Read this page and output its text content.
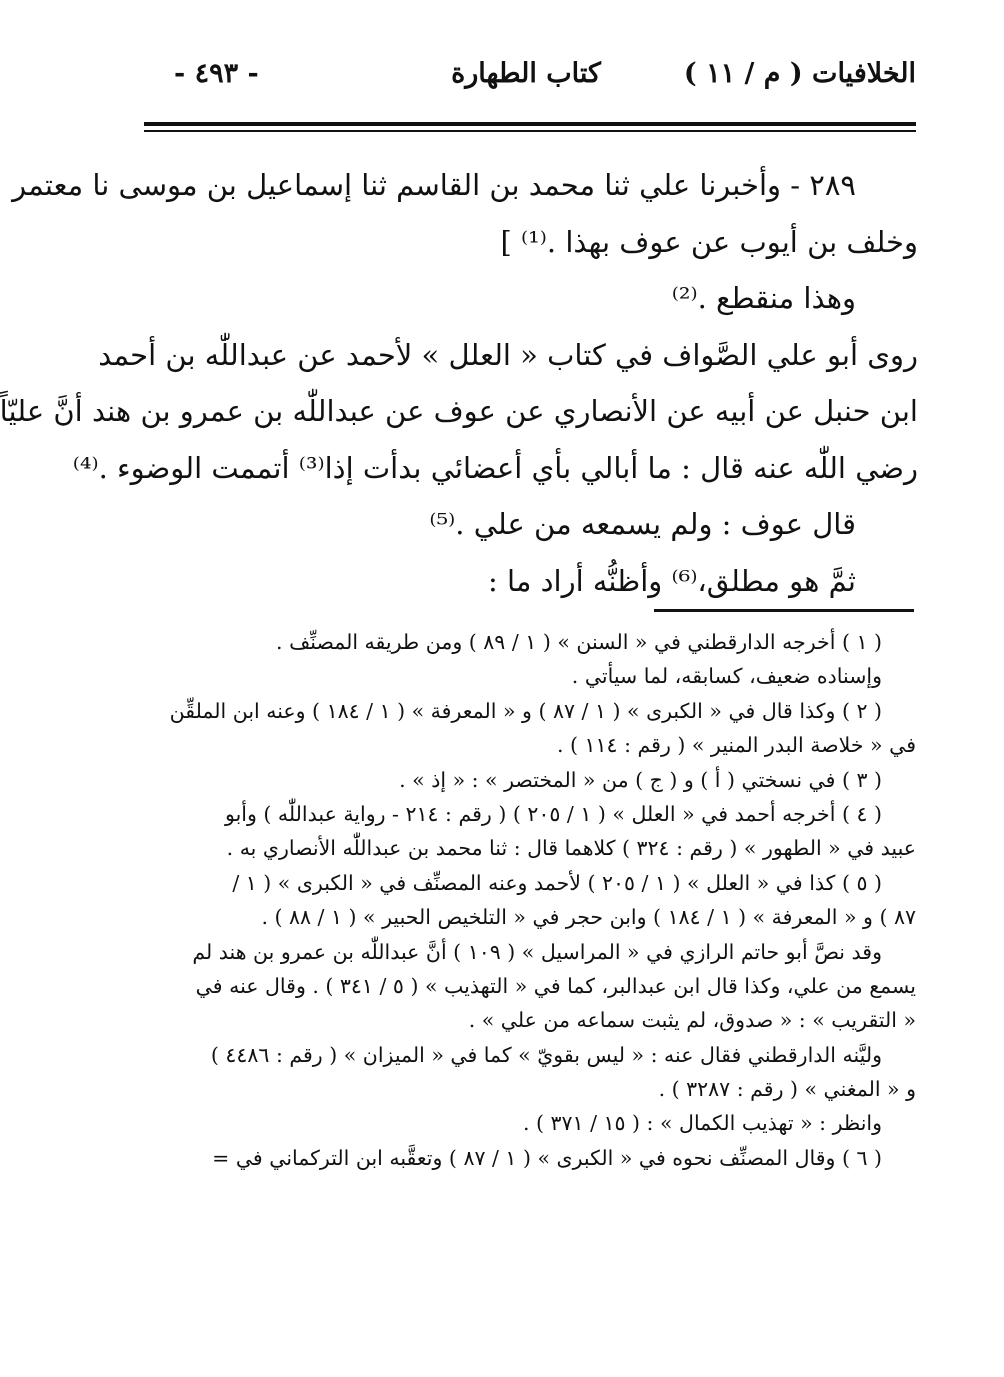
الخلافيات ( م / ١١ )
كتاب الطهارة
- ٤٩٣ -
٢٨٩ - وأخبرنا علي ثنا محمد بن القاسم ثنا إسماعيل بن موسى نا معتمر
وخلف بن أيوب عن عوف بهذا .⁽¹⁾ ]
وهذا منقطع .⁽²⁾
روى أبو علي الصَّواف في كتاب « العلل » لأحمد عن عبداللّٰه بن أحمد
ابن حنبل عن أبيه عن الأنصاري عن عوف عن عبداللّٰه بن عمرو بن هند أنَّ عليّاً
رضي اللّٰه عنه قال : ما أبالي بأي أعضائي بدأت إذا⁽³⁾ أتممت الوضوء .⁽⁴⁾
قال عوف : ولم يسمعه من علي .⁽⁵⁾
ثمَّ هو مطلق،⁽⁶⁾ وأظنُّه أراد ما :
( ١ ) أخرجه الدارقطني في « السنن » ( ١ / ٨٩ ) ومن طريقه المصنِّف .
وإسناده ضعيف، كسابقه، لما سيأتي .
( ٢ ) وكذا قال في « الكبرى » ( ١ / ٨٧ ) و « المعرفة » ( ١ / ١٨٤ ) وعنه ابن الملقِّن
في « خلاصة البدر المنير » ( رقم : ١١٤ ) .
( ٣ ) في نسختي ( أ ) و ( ج ) من « المختصر » : « إذ » .
( ٤ ) أخرجه أحمد في « العلل » ( ١ / ٢٠٥ ) ( رقم : ٢١٤ - رواية عبداللّٰه ) وأبو
عبيد في « الطهور » ( رقم : ٣٢٤ ) كلاهما قال : ثنا محمد بن عبداللّٰه الأنصاري به .
( ٥ ) كذا في « العلل » ( ١ / ٢٠٥ ) لأحمد وعنه المصنِّف في « الكبرى » ( ١ /
٨٧ ) و « المعرفة » ( ١ / ١٨٤ ) وابن حجر في « التلخيص الحبير » ( ١ / ٨٨ ) .
وقد نصَّ أبو حاتم الرازي في « المراسيل » ( ١٠٩ ) أنَّ عبداللّٰه بن عمرو بن هند لم
يسمع من علي، وكذا قال ابن عبدالبر، كما في « التهذيب » ( ٥ / ٣٤١ ) . وقال عنه في
« التقريب » : « صدوق، لم يثبت سماعه من علي » .
وليَّنه الدارقطني فقال عنه : « ليس بقويّ » كما في « الميزان » ( رقم : ٤٤٨٦ )
و « المغني » ( رقم : ٣٢٨٧ ) .
وانظر : « تهذيب الكمال » : ( ١٥ / ٣٧١ ) .
( ٦ ) وقال المصنِّف نحوه في « الكبرى » ( ١ / ٨٧ ) وتعقَّبه ابن التركماني في =
